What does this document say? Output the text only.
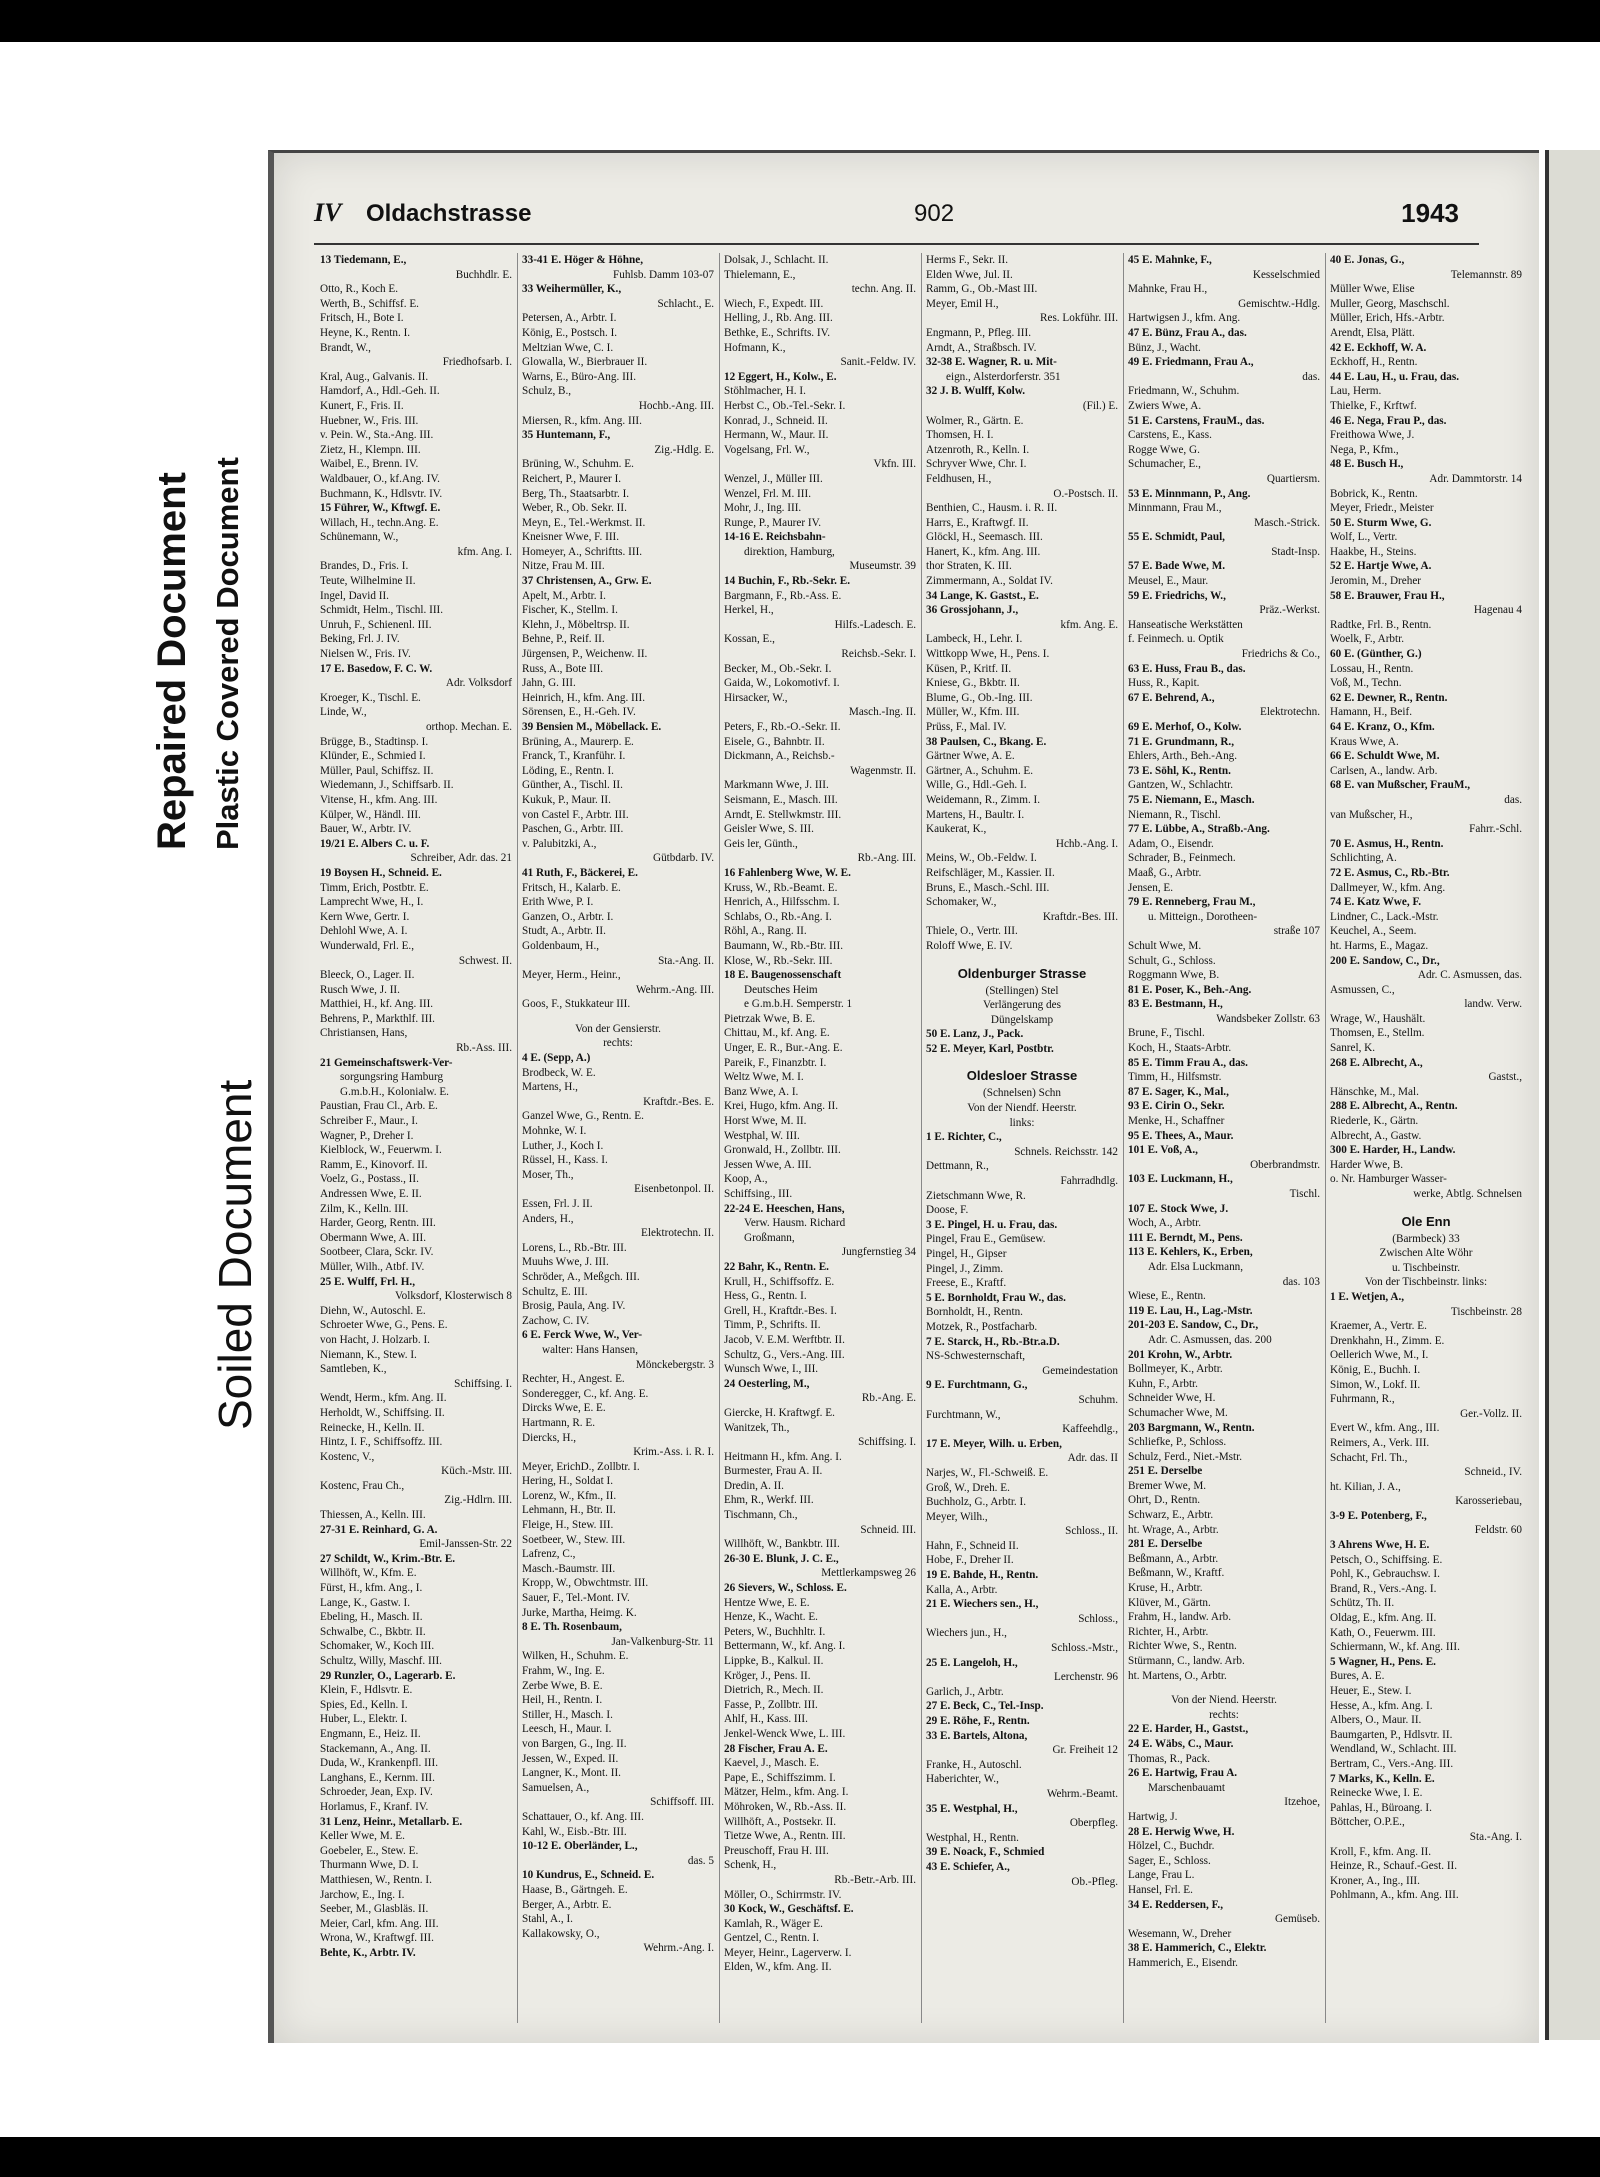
Repaired Document Plastic Covered Document
Soiled Document
IV Oldachstrasse	902	1943
13 Tiedemann, E.,
Buchhdlr. E.
Otto, R., Koch E.
Werth, B., Schiffsf. E.
Fritsch, H., Bote I.
Heyne, K., Rentn. I.
Brandt, W.,
Friedhofsarb. I.
Kral, Aug., Galvanis. II.
Hamdorf, A., Hdl.-Geh. II.
Kunert, F., Fris. II.
Huebner, W., Fris. III.
v. Pein. W., Sta.-Ang. III.
Zietz, H., Klempn. III.
Waibel, E., Brenn. IV.
Waldbauer, O., kf.Ang. IV.
Buchmann, K., Hdlsvtr. IV.
15 Führer, W., Kftwgf. E.
Willach, H., techn.Ang. E.
Schünemann, W.,
kfm. Ang. I.
Brandes, D., Fris. I.
Teute, Wilhelmine II.
Ingel, David II.
Schmidt, Helm., Tischl. III.
Unruh, F., Schienenl. III.
Beking, Frl. J. IV.
Nielsen W., Fris. IV.
17 E. Basedow, F. C. W.
Adr. Volksdorf
Kroeger, K., Tischl. E.
Linde, W.,
orthop. Mechan. E.
Brügge, B., Stadtinsp. I.
Klünder, E., Schmied I.
Müller, Paul, Schiffsz. II.
Wiedemann, J., Schiffsarb. II.
Vitense, H., kfm. Ang. III.
Külper, W., Händl. III.
Bauer, W., Arbtr. IV.
19/21 E. Albers C. u. F.
Schreiber, Adr. das. 21
19 Boysen H., Schneid. E.
Timm, Erich, Postbtr. E.
Lamprecht Wwe, H., I.
Kern Wwe, Gertr. I.
Dehlohl Wwe, A. I.
Wunderwald, Frl. E.,
Schwest. II.
Bleeck, O., Lager. II.
Rusch Wwe, J. II.
Matthiei, H., kf. Ang. III.
Behrens, P., Markthlf. III.
Christiansen, Hans,
Rb.-Ass. III.
21 Gemeinschaftswerk-Ver-
sorgungsring Hamburg
G.m.b.H., Kolonialw. E.
Paustian, Frau Cl., Arb. E.
Schreiber F., Maur., I.
Wagner, P., Dreher I.
Kielblock, W., Feuerwm. I.
Ramm, E., Kinovorf. II.
Voelz, G., Postass., II.
Andressen Wwe, E. II.
Zilm, K., Kelln. III.
Harder, Georg, Rentn. III.
Obermann Wwe, A. III.
Sootbeer, Clara, Sckr. IV.
Müller, Wilh., Atbf. IV.
25 E. Wulff, Frl. H.,
Volksdorf, Klosterwisch 8
Diehn, W., Autoschl. E.
Schroeter Wwe, G., Pens. E.
von Hacht, J. Holzarb. I.
Niemann, K., Stew. I.
Samtleben, K.,
Schiffsing. I.
Wendt, Herm., kfm. Ang. II.
Herholdt, W., Schiffsing. II.
Reinecke, H., Kelln. II.
Hintz, I. F., Schiffsoffz. III.
Kostenc, V.,
Küch.-Mstr. III.
Kostenc, Frau Ch.,
Zig.-Hdlrn. III.
Thiessen, A., Kelln. III.
27-31 E. Reinhard, G. A.
Emil-Janssen-Str. 22
27 Schildt, W., Krim.-Btr. E.
Willhöft, W., Kfm. E.
Fürst, H., kfm. Ang., I.
Lange, K., Gastw. I.
Ebeling, H., Masch. II.
Schwalbe, C., Bkbtr. II.
Schomaker, W., Koch III.
Schultz, Willy, Maschf. III.
29 Runzler, O., Lagerarb. E.
Klein, F., Hdlsvtr. E.
Spies, Ed., Kelln. I.
Huber, L., Elektr. I.
Engmann, E., Heiz. II.
Stackemann, A., Ang. II.
Duda, W., Krankenpfl. III.
Langhans, E., Kernm. III.
Schroeder, Jean, Exp. IV.
Horlamus, F., Kranf. IV.
31 Lenz, Heinr., Metallarb. E.
Keller Wwe, M. E.
Goebeler, E., Stew. E.
Thurmann Wwe, D. I.
Matthiesen, W., Rentn. I.
Jarchow, E., Ing. I.
Seeber, M., Glasbläs. II.
Meier, Carl, kfm. Ang. III.
Wrona, W., Kraftwgf. III.
Behte, K., Arbtr. IV.
33-41 E. Höger & Höhne,
Fuhlsb. Damm 103-07
33 Weihermüller, K.,
Schlacht., E.
Petersen, A., Arbtr. I.
König, E., Postsch. I.
Meltzian Wwe, C. I.
Glowalla, W., Bierbrauer II.
Warns, E., Büro-Ang. III.
Schulz, B.,
Hochb.-Ang. III.
Miersen, R., kfm. Ang. III.
35 Huntemann, F.,
Zig.-Hdlg. E.
Brüning, W., Schuhm. E.
Reichert, P., Maurer I.
Berg, Th., Staatsarbtr. I.
Weber, R., Ob. Sekr. II.
Meyn, E., Tel.-Werkmst. II.
Kneisner Wwe, F. III.
Homeyer, A., Schriftts. III.
Nitze, Frau M. III.
37 Christensen, A., Grw. E.
Apelt, M., Arbtr. I.
Fischer, K., Stellm. I.
Klehn, J., Möbeltrsp. II.
Behne, P., Reif. II.
Jürgensen, P., Weichenw. II.
Russ, A., Bote III.
Jahn, G. III.
Heinrich, H., kfm. Ang. III.
Sörensen, E., H.-Geh. IV.
39 Bensien M., Möbellack. E.
Brüning, A., Maurerp. E.
Franck, T., Kranführ. I.
Löding, E., Rentn. I.
Günther, A., Tischl. II.
Kukuk, P., Maur. II.
von Castel F., Arbtr. III.
Paschen, G., Arbtr. III.
v. Palubitzki, A.,
Gütbdarb. IV.
41 Ruth, F., Bäckerei, E.
Fritsch, H., Kalarb. E.
Erith Wwe, P. I.
Ganzen, O., Arbtr. I.
Studt, A., Arbtr. II.
Goldenbaum, H.,
Sta.-Ang. II.
Meyer, Herm., Heinr.,
Wehrm.-Ang. III.
Goos, F., Stukkateur III.
Von der Gensierstr.
rechts:
4 E. (Sepp, A.)
Brodbeck, W. E.
Martens, H.,
Kraftdr.-Bes. E.
Ganzel Wwe, G., Rentn. E.
Mohnke, W. I.
Luther, J., Koch I.
Rüssel, H., Kass. I.
Moser, Th.,
Eisenbetonpol. II.
Essen, Frl. J. II.
Anders, H.,
Elektrotechn. II.
Lorens, L., Rb.-Btr. III.
Muuhs Wwe, J. III.
Schröder, A., Meßgch. III.
Schultz, E. III.
Brosig, Paula, Ang. IV.
Zachow, C. IV.
6 E. Ferck Wwe, W., Ver-
walter: Hans Hansen,
Mönckebergstr. 3
Rechter, H., Angest. E.
Sonderegger, C., kf. Ang. E.
Dircks Wwe, E. E.
Hartmann, R. E.
Diercks, H.,
Krim.-Ass. i. R. I.
Meyer, ErichD., Zollbtr. I.
Hering, H., Soldat I.
Lorenz, W., Kfm., II.
Lehmann, H., Btr. II.
Fleige, H., Stew. III.
Soetbeer, W., Stew. III.
Lafrenz, C.,
Masch.-Baumstr. III.
Kropp, W., Obwchtmstr. III.
Sauer, F., Tel.-Mont. IV.
Jurke, Martha, Heimg. K.
8 E. Th. Rosenbaum,
Jan-Valkenburg-Str. 11
Wilken, H., Schuhm. E.
Frahm, W., Ing. E.
Zerbe Wwe, B. E.
Heil, H., Rentn. I.
Stiller, H., Masch. I.
Leesch, H., Maur. I.
von Bargen, G., Ing. II.
Jessen, W., Exped. II.
Langner, K., Mont. II.
Samuelsen, A.,
Schiffsoff. III.
Schattauer, O., kf. Ang. III.
Kahl, W., Eisb.-Btr. III.
10-12 E. Oberländer, L.,
das. 5
10 Kundrus, E., Schneid. E.
Haase, B., Gärtngeh. E.
Berger, A., Arbtr. E.
Stahl, A., I.
Kallakowsky, O.,
Wehrm.-Ang. I.
Dolsak, J., Schlacht. II.
Thielemann, E.,
techn. Ang. II.
Wiech, F., Expedt. III.
Helling, J., Rb. Ang. III.
Bethke, E., Schrifts. IV.
Hofmann, K.,
Sanit.-Feldw. IV.
12 Eggert, H., Kolw., E.
Stöhlmacher, H. I.
Herbst C., Ob.-Tel.-Sekr. I.
Konrad, J., Schneid. II.
Hermann, W., Maur. II.
Vogelsang, Frl. W.,
Vkfn. III.
Wenzel, J., Müller III.
Wenzel, Frl. M. III.
Mohr, J., Ing. III.
Runge, P., Maurer IV.
14-16 E. Reichsbahn-
direktion, Hamburg,
Museumstr. 39
14 Buchin, F., Rb.-Sekr. E.
Bargmann, F., Rb.-Ass. E.
Herkel, H.,
Hilfs.-Ladesch. E.
Kossan, E.,
Reichsb.-Sekr. I.
Becker, M., Ob.-Sekr. I.
Gaida, W., Lokomotivf. I.
Hirsacker, W.,
Masch.-Ing. II.
Peters, F., Rb.-O.-Sekr. II.
Eisele, G., Bahnbtr. II.
Dickmann, A., Reichsb.-
Wagenmstr. II.
Markmann Wwe, J. III.
Seismann, E., Masch. III.
Arndt, E. Stellwkmstr. III.
Geisler Wwe, S. III.
Geis ler, Günth.,
Rb.-Ang. III.
16 Fahlenberg Wwe, W. E.
Kruss, W., Rb.-Beamt. E.
Henrich, A., Hilfsschm. I.
Schlabs, O., Rb.-Ang. I.
Röhl, A., Rang. II.
Baumann, W., Rb.-Btr. III.
Klose, W., Rb.-Sekr. III.
18 E. Baugenossenschaft
Deutsches Heim
e G.m.b.H. Semperstr. 1
Pietrzak Wwe, B. E.
Chittau, M., kf. Ang. E.
Unger, E. R., Bur.-Ang. E.
Pareik, F., Finanzbtr. I.
Weltz Wwe, M. I.
Banz Wwe, A. I.
Krei, Hugo, kfm. Ang. II.
Horst Wwe, M. II.
Westphal, W. III.
Gronwald, H., Zollbtr. III.
Jessen Wwe, A. III.
Koop, A.,
Schiffsing., III.
22-24 E. Heeschen, Hans,
Verw. Hausm. Richard
Großmann,
Jungfernstieg 34
22 Bahr, K., Rentn. E.
Krull, H., Schiffsoffz. E.
Hess, G., Rentn. I.
Grell, H., Kraftdr.-Bes. I.
Timm, P., Schrifts. II.
Jacob, V. E.M. Werftbtr. II.
Schultz, G., Vers.-Ang. III.
Wunsch Wwe, I., III.
24 Oesterling, M.,
Rb.-Ang. E.
Giercke, H. Kraftwgf. E.
Wanitzek, Th.,
Schiffsing. I.
Heitmann H., kfm. Ang. I.
Burmester, Frau A. II.
Dredin, A. II.
Ehm, R., Werkf. III.
Tischmann, Ch.,
Schneid. III.
Willhöft, W., Bankbtr. III.
26-30 E. Blunk, J. C. E.,
Mettlerkampsweg 26
26 Sievers, W., Schloss. E.
Hentze Wwe, E. E.
Henze, K., Wacht. E.
Peters, W., Buchhltr. I.
Bettermann, W., kf. Ang. I.
Lippke, B., Kalkul. II.
Kröger, J., Pens. II.
Dietrich, R., Mech. II.
Fasse, P., Zollbtr. III.
Ahlf, H., Kass. III.
Jenkel-Wenck Wwe, L. III.
28 Fischer, Frau A. E.
Kaevel, J., Masch. E.
Pape, E., Schiffszimm. I.
Mätzer, Helm., kfm. Ang. I.
Möhroken, W., Rb.-Ass. II.
Willhöft, A., Postsekr. II.
Tietze Wwe, A., Rentn. III.
Preuschoff, Frau H. III.
Schenk, H.,
Rb.-Betr.-Arb. III.
Möller, O., Schirrmstr. IV.
30 Kock, W., Geschäftsf. E.
Kamlah, R., Wäger E.
Gentzel, C., Rentn. I.
Meyer, Heinr., Lagerverw. I.
Elden, W., kfm. Ang. II.
Herms F., Sekr. II.
Elden Wwe, Jul. II.
Ramm, G., Ob.-Mast III.
Meyer, Emil H.,
Res. Lokführ. III.
Engmann, P., Pfleg. III.
Arndt, A., Straßbsch. IV.
32-38 E. Wagner, R. u. Mit-
eign., Alsterdorferstr. 351
32 J. B. Wulff, Kolw.
(Fil.) E.
Wolmer, R., Gärtn. E.
Thomsen, H. I.
Atzenroth, R., Kelln. I.
Schryver Wwe, Chr. I.
Feldhusen, H.,
O.-Postsch. II.
Benthien, C., Hausm. i. R. II.
Harrs, E., Kraftwgf. II.
Glöckl, H., Seemasch. III.
Hanert, K., kfm. Ang. III.
thor Straten, K. III.
Zimmermann, A., Soldat IV.
34 Lange, K. Gastst., E.
36 Grossjohann, J.,
kfm. Ang. E.
Lambeck, H., Lehr. I.
Wittkopp Wwe, H., Pens. I.
Küsen, P., Kritf. II.
Kniese, G., Bkbtr. II.
Blume, G., Ob.-Ing. III.
Müller, W., Kfm. III.
Prüss, F., Mal. IV.
38 Paulsen, C., Bkang. E.
Gärtner Wwe, A. E.
Gärtner, A., Schuhm. E.
Wille, G., Hdl.-Geh. I.
Weidemann, R., Zimm. I.
Martens, H., Baultr. I.
Kaukerat, K.,
Hchb.-Ang. I.
Meins, W., Ob.-Feldw. I.
Reifschläger, M., Kassier. II.
Bruns, E., Masch.-Schl. III.
Schomaker, W.,
Kraftdr.-Bes. III.
Thiele, O., Vertr. III.
Roloff Wwe, E. IV.
Oldenburger Strasse
(Stellingen) Stel
Verlängerung des
Düngelskamp
50 E. Lanz, J., Pack.
52 E. Meyer, Karl, Postbtr.
Oldesloer Strasse
(Schnelsen) Schn
Von der Niendf. Heerstr.
links:
1 E. Richter, C.,
Schnels. Reichsstr. 142
Dettmann, R.,
Fahrradhdlg.
Zietschmann Wwe, R.
Doose, F.
3 E. Pingel, H. u. Frau, das.
Pingel, Frau E., Gemüsew.
Pingel, H., Gipser
Pingel, J., Zimm.
Freese, E., Kraftf.
5 E. Bornholdt, Frau W., das.
Bornholdt, H., Rentn.
Motzek, R., Postfacharb.
7 E. Starck, H., Rb.-Btr.a.D.
NS-Schwesternschaft,
Gemeindestation
9 E. Furchtmann, G.,
Schuhm.
Furchtmann, W.,
Kaffeehdlg.,
17 E. Meyer, Wilh. u. Erben,
Adr. das. II
Narjes, W., Fl.-Schweiß. E.
Groß, W., Dreh. E.
Buchholz, G., Arbtr. I.
Meyer, Wilh.,
Schloss., II.
Hahn, F., Schneid II.
Hobe, F., Dreher II.
19 E. Bahde, H., Rentn.
Kalla, A., Arbtr.
21 E. Wiechers sen., H.,
Schloss.,
Wiechers jun., H.,
Schloss.-Mstr.,
25 E. Langeloh, H.,
Lerchenstr. 96
Garlich, J., Arbtr.
27 E. Beck, C., Tel.-Insp.
29 E. Röhe, F., Rentn.
33 E. Bartels, Altona,
Gr. Freiheit 12
Franke, H., Autoschl.
Haberichter, W.,
Wehrm.-Beamt.
35 E. Westphal, H.,
Oberpfleg.
Westphal, H., Rentn.
39 E. Noack, F., Schmied
43 E. Schiefer, A.,
Ob.-Pfleg.
45 E. Mahnke, F.,
Kesselschmied
Mahnke, Frau H.,
Gemischtw.-Hdlg.
Hartwigsen J., kfm. Ang.
47 E. Bünz, Frau A., das.
Bünz, J., Wacht.
49 E. Friedmann, Frau A.,
das.
Friedmann, W., Schuhm.
Zwiers Wwe, A.
51 E. Carstens, FrauM., das.
Carstens, E., Kass.
Rogge Wwe, G.
Schumacher, E.,
Quartiersm.
53 E. Minnmann, P., Ang.
Minnmann, Frau M.,
Masch.-Strick.
55 E. Schmidt, Paul,
Stadt-Insp.
57 E. Bade Wwe, M.
Meusel, E., Maur.
59 E. Friedrichs, W.,
Präz.-Werkst.
Hanseatische Werkstätten
f. Feinmech. u. Optik
Friedrichs & Co.,
63 E. Huss, Frau B., das.
Huss, R., Kapit.
67 E. Behrend, A.,
Elektrotechn.
69 E. Merhof, O., Kolw.
71 E. Grundmann, R.,
Ehlers, Arth., Beh.-Ang.
73 E. Söhl, K., Rentn.
Gantzen, W., Schlachtr.
75 E. Niemann, E., Masch.
Niemann, R., Tischl.
77 E. Lübbe, A., Straßb.-Ang.
Adam, O., Eisendr.
Schrader, B., Feinmech.
Maaß, G., Arbtr.
Jensen, E.
79 E. Renneberg, Frau M.,
u. Mitteign., Dorotheen-
straße 107
Schult Wwe, M.
Schult, G., Schloss.
Roggmann Wwe, B.
81 E. Poser, K., Beh.-Ang.
83 E. Bestmann, H.,
Wandsbeker Zollstr. 63
Brune, F., Tischl.
Koch, H., Staats-Arbtr.
85 E. Timm Frau A., das.
Timm, H., Hilfsmstr.
87 E. Sager, K., Mal.,
93 E. Cirin O., Sekr.
Menke, H., Schaffner
95 E. Thees, A., Maur.
101 E. Voß, A.,
Oberbrandmstr.
103 E. Luckmann, H.,
Tischl.
107 E. Stock Wwe, J.
Woch, A., Arbtr.
111 E. Berndt, M., Pens.
113 E. Kehlers, K., Erben,
Adr. Elsa Luckmann,
das. 103
Wiese, E., Rentn.
119 E. Lau, H., Lag.-Mstr.
201-203 E. Sandow, C., Dr.,
Adr. C. Asmussen, das. 200
201 Krohn, W., Arbtr.
Bollmeyer, K., Arbtr.
Kuhn, F., Arbtr.
Schneider Wwe, H.
Schumacher Wwe, M.
203 Bargmann, W., Rentn.
Schliefke, P., Schloss.
Schulz, Ferd., Niet.-Mstr.
251 E. Derselbe
Bremer Wwe, M.
Ohrt, D., Rentn.
Schwarz, E., Arbtr.
ht. Wrage, A., Arbtr.
281 E. Derselbe
Beßmann, A., Arbtr.
Beßmann, W., Kraftf.
Kruse, H., Arbtr.
Klüver, M., Gärtn.
Frahm, H., landw. Arb.
Richter, H., Arbtr.
Richter Wwe, S., Rentn.
Stürmann, C., landw. Arb.
ht. Martens, O., Arbtr.
Von der Niend. Heerstr.
rechts:
22 E. Harder, H., Gastst.,
24 E. Wäbs, C., Maur.
Thomas, R., Pack.
26 E. Hartwig, Frau A.
Marschenbauamt
Itzehoe,
Hartwig, J.
28 E. Herwig Wwe, H.
Hölzel, C., Buchdr.
Sager, E., Schloss.
Lange, Frau L.
Hansel, Frl. E.
34 E. Reddersen, F.,
Gemüseb.
Wesemann, W., Dreher
38 E. Hammerich, C., Elektr.
Hammerich, E., Eisendr.
40 E. Jonas, G.,
Telemannstr. 89
Müller Wwe, Elise
Muller, Georg, Maschschl.
Müller, Erich, Hfs.-Arbtr.
Arendt, Elsa, Plätt.
42 E. Eckhoff, W. A.
Eckhoff, H., Rentn.
44 E. Lau, H., u. Frau, das.
Lau, Herm.
Thielke, F., Krftwf.
46 E. Nega, Frau P., das.
Freithowa Wwe, J.
Nega, P., Kfm.,
48 E. Busch H.,
Adr. Dammtorstr. 14
Bobrick, K., Rentn.
Meyer, Friedr., Meister
50 E. Sturm Wwe, G.
Wolf, L., Vertr.
Haakbe, H., Steins.
52 E. Hartje Wwe, A.
Jeromin, M., Dreher
58 E. Brauwer, Frau H.,
Hagenau 4
Radtke, Frl. B., Rentn.
Woelk, F., Arbtr.
60 E. (Günther, G.)
Lossau, H., Rentn.
Voß, M., Techn.
62 E. Dewner, R., Rentn.
Hamann, H., Beif.
64 E. Kranz, O., Kfm.
Kraus Wwe, A.
66 E. Schuldt Wwe, M.
Carlsen, A., landw. Arb.
68 E. van Mußscher, FrauM.,
das.
van Mußscher, H.,
Fahrr.-Schl.
70 E. Asmus, H., Rentn.
Schlichting, A.
72 E. Asmus, C., Rb.-Btr.
Dallmeyer, W., kfm. Ang.
74 E. Katz Wwe, F.
Lindner, C., Lack.-Mstr.
Keuchel, A., Seem.
ht. Harms, E., Magaz.
200 E. Sandow, C., Dr.,
Adr. C. Asmussen, das.
Asmussen, C.,
landw. Verw.
Wrage, W., Haushält.
Thomsen, E., Stellm.
Sanrel, K.
268 E. Albrecht, A.,
Gastst.,
Hänschke, M., Mal.
288 E. Albrecht, A., Rentn.
Riederle, K., Gärtn.
Albrecht, A., Gastw.
300 E. Harder, H., Landw.
Harder Wwe, B.
o. Nr. Hamburger Wasser-
werke, Abtlg. Schnelsen
Ole Enn
(Barmbeck) 33
Zwischen Alte Wöhr
u. Tischbeinstr.
Von der Tischbeinstr. links:
1 E. Wetjen, A.,
Tischbeinstr. 28
Kraemer, A., Vertr. E.
Drenkhahn, H., Zimm. E.
Oellerich Wwe, M., I.
König, E., Buchh. I.
Simon, W., Lokf. II.
Fuhrmann, R.,
Ger.-Vollz. II.
Evert W., kfm. Ang., III.
Reimers, A., Verk. III.
Schacht, Frl. Th.,
Schneid., IV.
ht. Kilian, J. A.,
Karosseriebau,
3-9 E. Potenberg, F.,
Feldstr. 60
3 Ahrens Wwe, H. E.
Petsch, O., Schiffsing. E.
Pohl, K., Gebrauchsw. I.
Brand, R., Vers.-Ang. I.
Schütz, Th. II.
Oldag, E., kfm. Ang. II.
Kath, O., Feuerwm. III.
Schiermann, W., kf. Ang. III.
5 Wagner, H., Pens. E.
Bures, A. E.
Heuer, E., Stew. I.
Hesse, A., kfm. Ang. I.
Albers, O., Maur. II.
Baumgarten, P., Hdlsvtr. II.
Wendland, W., Schlacht. III.
Bertram, C., Vers.-Ang. III.
7 Marks, K., Kelln. E.
Reinecke Wwe, I. E.
Pahlas, H., Büroang. I.
Böttcher, O.P.E.,
Sta.-Ang. I.
Kroll, F., kfm. Ang. II.
Heinze, R., Schauf.-Gest. II.
Kroner, A., Ing., III.
Pohlmann, A., kfm. Ang. III.
